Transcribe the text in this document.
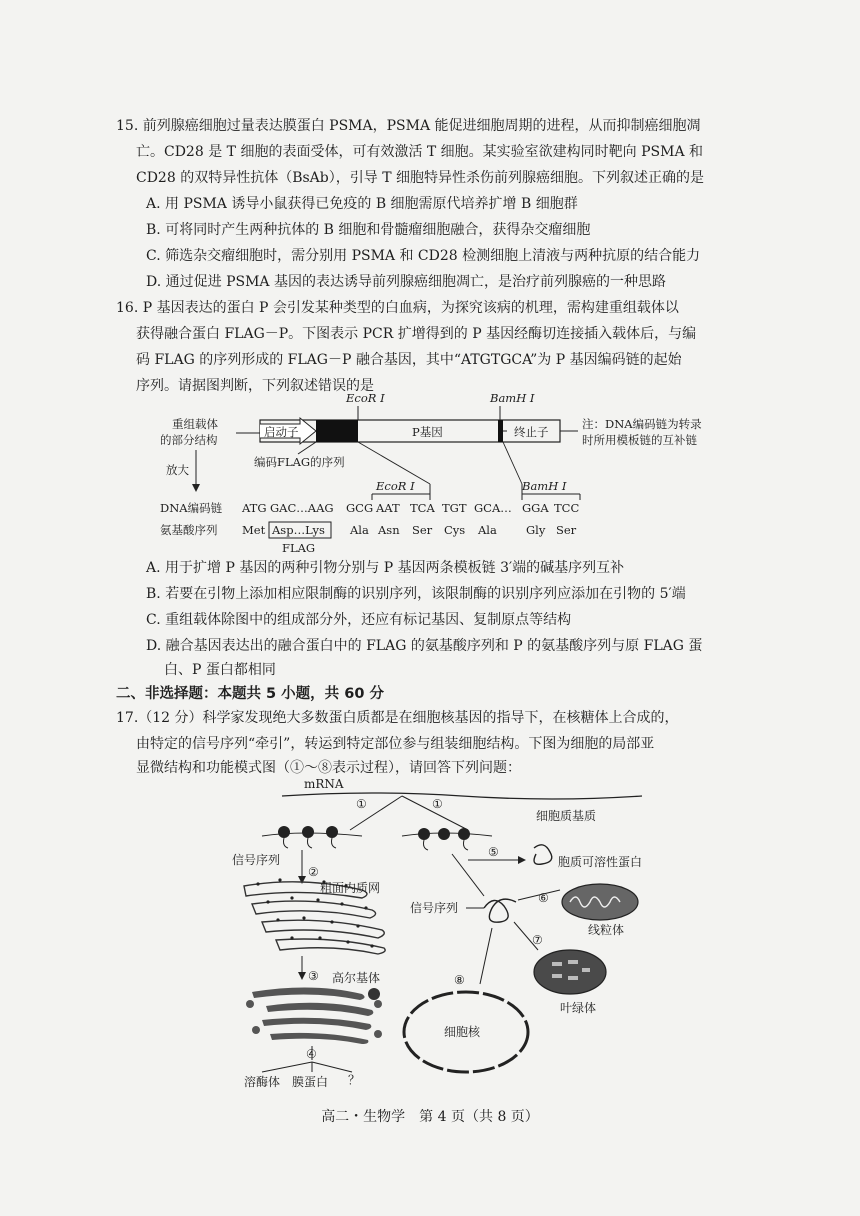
15. 前列腺癌细胞过量表达膜蛋白 PSMA，PSMA 能促进细胞周期的进程，从而抑制癌细胞凋
亡。CD28 是 T 细胞的表面受体，可有效激活 T 细胞。某实验室欲建构同时靶向 PSMA 和
CD28 的双特异性抗体（BsAb），引导 T 细胞特异性杀伤前列腺癌细胞。下列叙述正确的是
A. 用 PSMA 诱导小鼠获得已免疫的 B 细胞需原代培养扩增 B 细胞群
B. 可将同时产生两种抗体的 B 细胞和骨髓瘤细胞融合，获得杂交瘤细胞
C. 筛选杂交瘤细胞时，需分别用 PSMA 和 CD28 检测细胞上清液与两种抗原的结合能力
D. 通过促进 PSMA 基因的表达诱导前列腺癌细胞凋亡，是治疗前列腺癌的一种思路
16. P 基因表达的蛋白 P 会引发某种类型的白血病，为探究该病的机理，需构建重组载体以
获得融合蛋白 FLAG－P。下图表示 PCR 扩增得到的 P 基因经酶切连接插入载体后，与编
码 FLAG 的序列形成的 FLAG－P 融合基因，其中“ATGTGCA”为 P 基因编码链的起始
序列。请据图判断，下列叙述错误的是
重组载体
的部分结构
启动子	P基因	终止子
EcoR Ⅰ	BamH Ⅰ
注：DNA编码链为转录
时所用模板链的互补链
放大
编码FLAG的序列
EcoR Ⅰ	BamH Ⅰ
DNA编码链
氨基酸序列
ATG GAC…AAG GCG AAT TCA TGT GCA… GGA TCC
Met Asp…Lys Ala Asn Ser Cys Ala	Gly Ser
FLAG
A. 用于扩增 P 基因的两种引物分别与 P 基因两条模板链 3′端的碱基序列互补
B. 若要在引物上添加相应限制酶的识别序列，该限制酶的识别序列应添加在引物的 5′端
C. 重组载体除图中的组成部分外，还应有标记基因、复制原点等结构
D. 融合基因表达出的融合蛋白中的 FLAG 的氨基酸序列和 P 的氨基酸序列与原 FLAG 蛋
白、P 蛋白都相同
二、非选择题：本题共 5 小题，共 60 分
17.（12 分）科学家发现绝大多数蛋白质都是在细胞核基因的指导下，在核糖体上合成的，
由特定的信号序列“牵引”，转运到特定部位参与组装细胞结构。下图为细胞的局部亚
显微结构和功能模式图（①～⑧表示过程），请回答下列问题：
mRNA
①	①
细胞质基质
信号序列
②
⑤
胞质可溶性蛋白
粗面内质网
③ 高尔基体
④
溶酶体 膜蛋白 ？
信号序列
⑥
线粒体
⑦
叶绿体
⑧
细胞核
高二・生物学　第 4 页（共 8 页）
